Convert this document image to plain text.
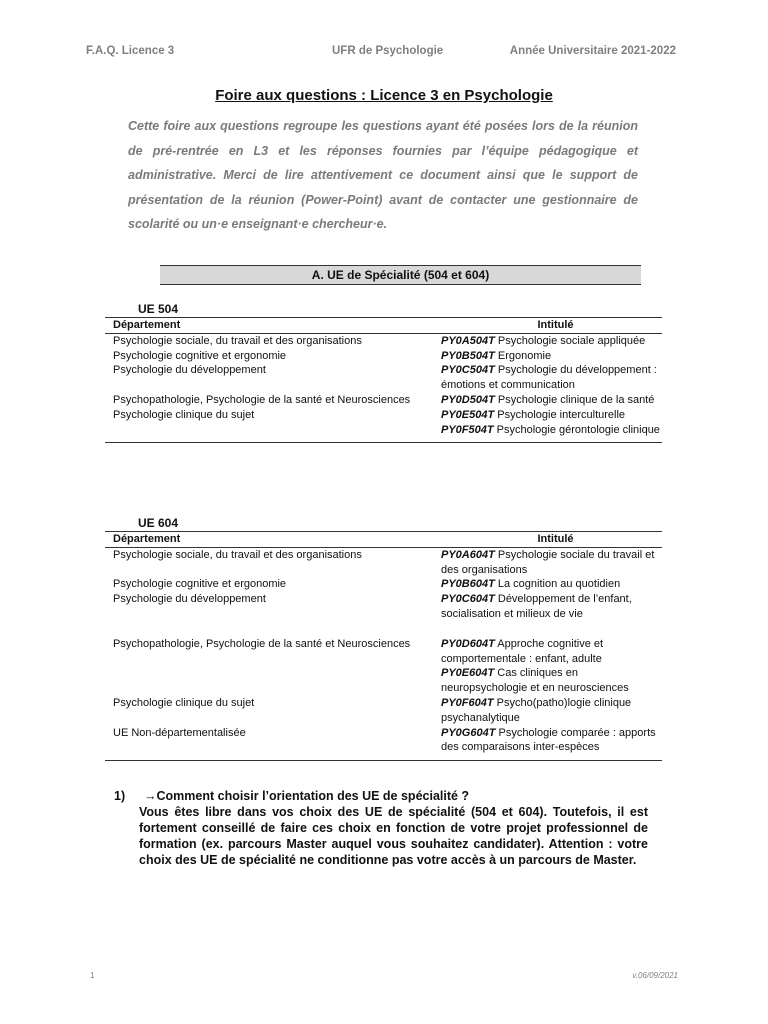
F.A.Q. Licence 3	UFR de Psychologie	Année Universitaire 2021-2022
Foire aux questions : Licence 3 en Psychologie
Cette foire aux questions regroupe les questions ayant été posées lors de la réunion de pré-rentrée en L3 et les réponses fournies par l’équipe pédagogique et administrative. Merci de lire attentivement ce document ainsi que le support de présentation de la réunion (Power-Point) avant de contacter une gestionnaire de scolarité ou un·e enseignant·e chercheur·e.
A. UE de Spécialité (504 et 604)
UE 504
Département	Intitulé
Psychologie sociale, du travail et des organisations	PY0A504T Psychologie sociale appliquée
Psychologie cognitive et ergonomie	PY0B504T Ergonomie
Psychologie du développement	PY0C504T Psychologie du développement : émotions et communication
Psychopathologie, Psychologie de la santé et Neurosciences	PY0D504T Psychologie clinique de la santé
Psychologie clinique du sujet	PY0E504T Psychologie interculturelle
	PY0F504T Psychologie gérontologie clinique
UE 604
Département	Intitulé
Psychologie sociale, du travail et des organisations	PY0A604T Psychologie sociale du travail et des organisations
Psychologie cognitive et ergonomie	PY0B604T La cognition au quotidien
Psychologie du développement	PY0C604T Développement de l’enfant, socialisation et milieux de vie
Psychopathologie, Psychologie de la santé et Neurosciences	PY0D604T Approche cognitive et comportementale : enfant, adulte
	PY0E604T Cas cliniques en neuropsychologie et en neurosciences
Psychologie clinique du sujet	PY0F604T Psycho(patho)logie clinique psychanalytique
UE Non-départementalisée	PY0G604T Psychologie comparée : apports des comparaisons inter-espèces
1)	→Comment choisir l’orientation des UE de spécialité ?
Vous êtes libre dans vos choix des UE de spécialité (504 et 604). Toutefois, il est fortement conseillé de faire ces choix en fonction de votre projet professionnel de formation (ex. parcours Master auquel vous souhaitez candidater). Attention : votre choix des UE de spécialité ne conditionne pas votre accès à un parcours de Master.
1	v.06/09/2021
